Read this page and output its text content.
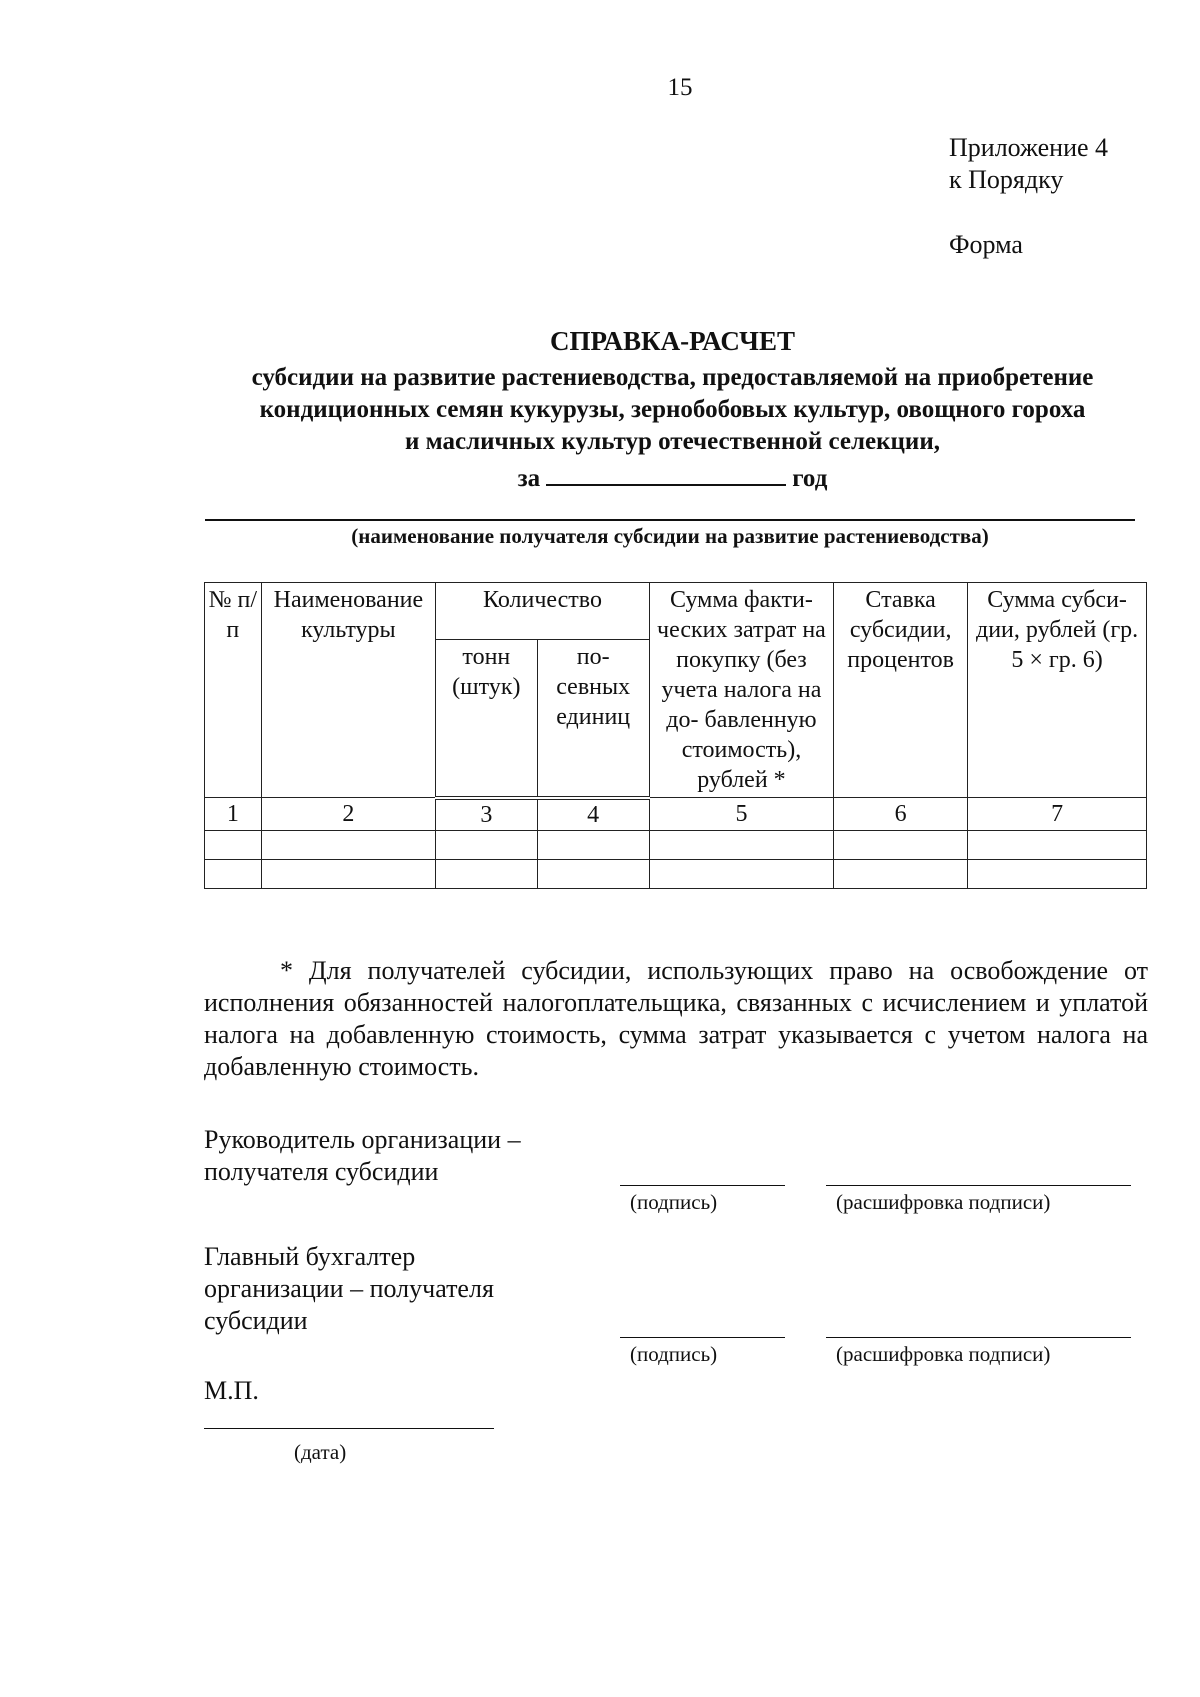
15
Приложение 4
к Порядку
Форма
СПРАВКА-РАСЧЕТ
субсидии на развитие растениеводства, предоставляемой на приобретение
кондиционных семян кукурузы, зернобобовых культур, овощного гороха
и масличных культур отечественной селекции,
за	год
(наименование получателя субсидии на развитие растениеводства)
№ п/п	Наименование культуры	Количество		Сумма факти- ческих затрат на покупку (без учета налога на до- бавленную стоимость), рублей *	Ставка субсидии, процентов	Сумма субси- дии, рублей (гр. 5 × гр. 6)
		тонн (штук)	по- севных единиц			
1	2	3	4	5	6	7

* Для получателей субсидии, использующих право на освобождение от исполнения обязанностей налогоплательщика, связанных с исчислением и уплатой налога на добавленную стоимость, сумма затрат указывается с учетом налога на добавленную стоимость.

Руководитель организации –
получателя субсидии
(подпись)	(расшифровка подписи)
Главный бухгалтер
организации – получателя
субсидии
(подпись)	(расшифровка подписи)
М.П.
(дата)
